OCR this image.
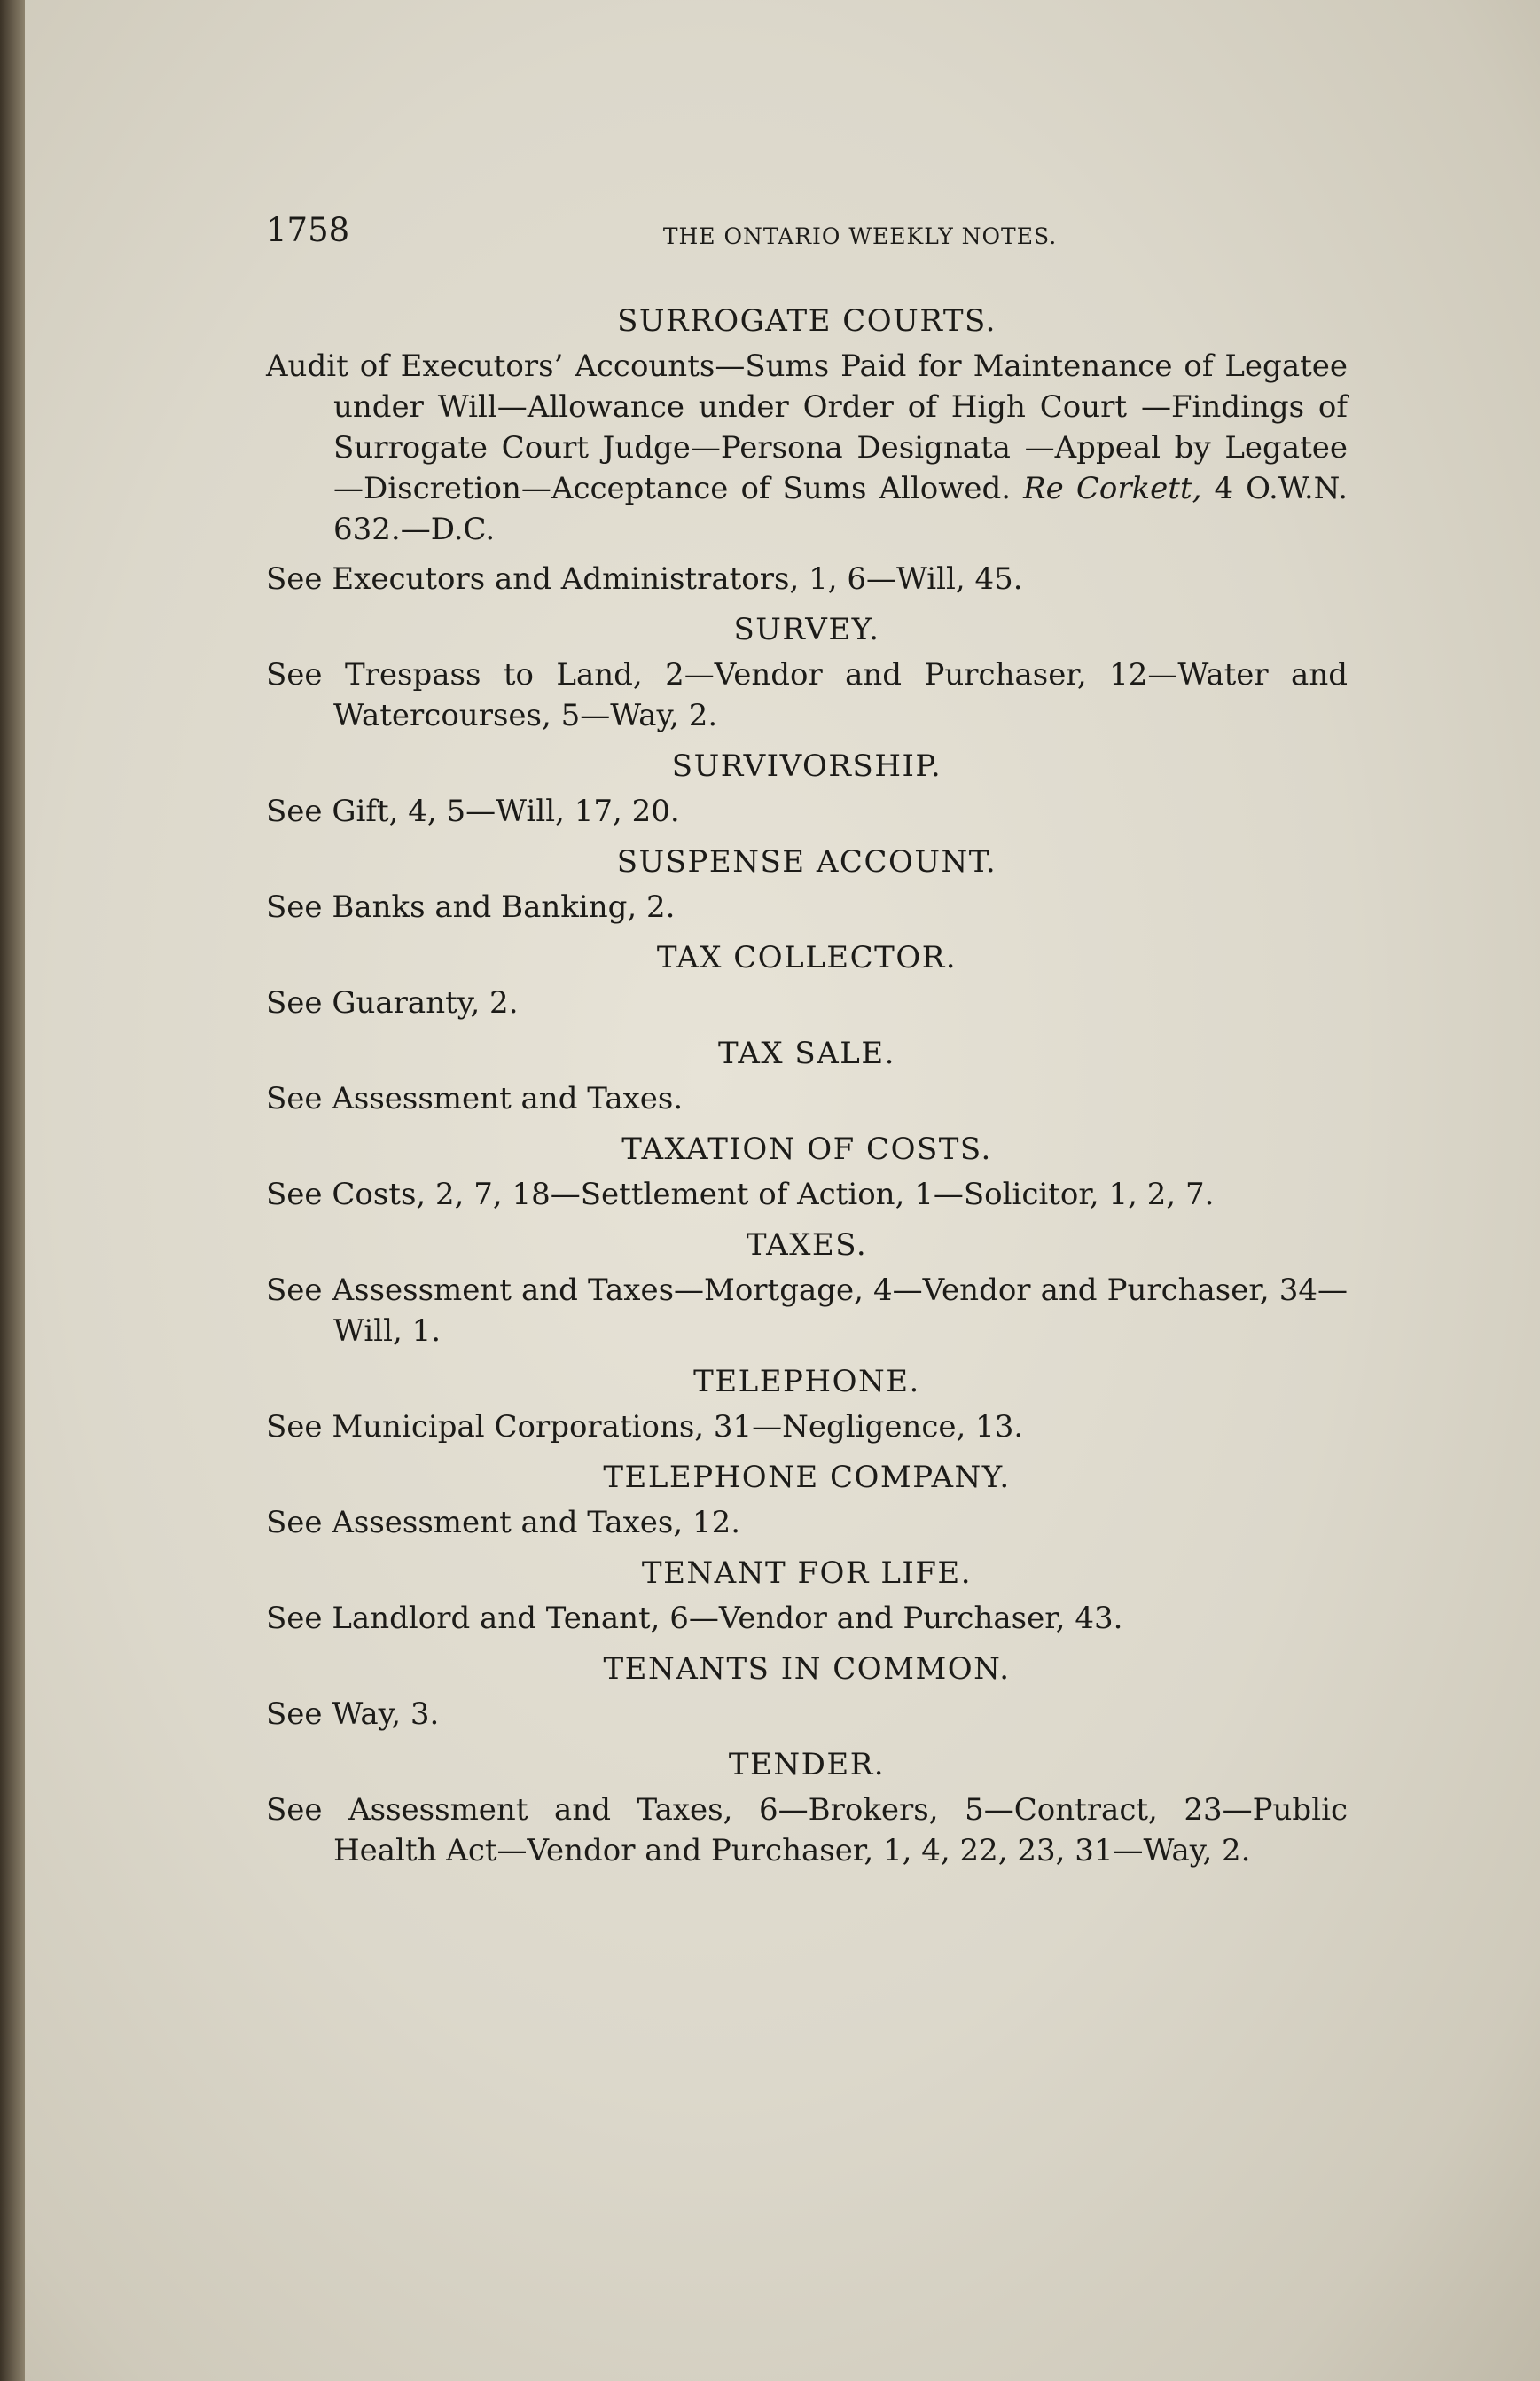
1758	THE ONTARIO WEEKLY NOTES.
SURROGATE COURTS.
Audit of Executors’ Accounts—Sums Paid for Maintenance of Legatee under Will—Allowance under Order of High Court —Findings of Surrogate Court Judge—Persona Designata —Appeal by Legatee—Discretion—Acceptance of Sums Allowed. Re Corkett, 4 O.W.N. 632.—D.C.
See Executors and Administrators, 1, 6—Will, 45.
SURVEY.
See Trespass to Land, 2—Vendor and Purchaser, 12—Water and Watercourses, 5—Way, 2.
SURVIVORSHIP.
See Gift, 4, 5—Will, 17, 20.
SUSPENSE ACCOUNT.
See Banks and Banking, 2.
TAX COLLECTOR.
See Guaranty, 2.
TAX SALE.
See Assessment and Taxes.
TAXATION OF COSTS.
See Costs, 2, 7, 18—Settlement of Action, 1—Solicitor, 1, 2, 7.
TAXES.
See Assessment and Taxes—Mortgage, 4—Vendor and Purchaser, 34—Will, 1.
TELEPHONE.
See Municipal Corporations, 31—Negligence, 13.
TELEPHONE COMPANY.
See Assessment and Taxes, 12.
TENANT FOR LIFE.
See Landlord and Tenant, 6—Vendor and Purchaser, 43.
TENANTS IN COMMON.
See Way, 3.
TENDER.
See Assessment and Taxes, 6—Brokers, 5—Contract, 23—Public Health Act—Vendor and Purchaser, 1, 4, 22, 23, 31—Way, 2.
